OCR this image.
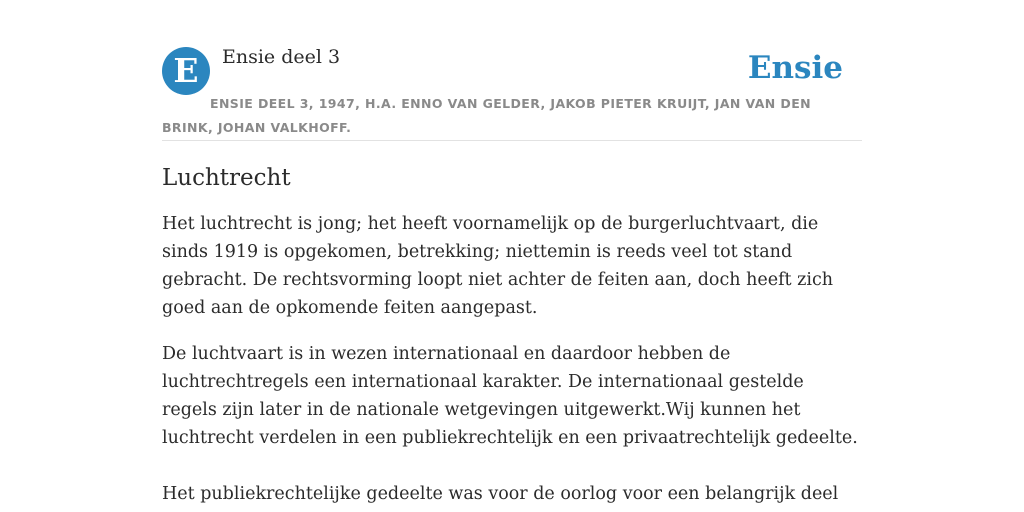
E	Ensie deel 3	Ensie
ENSIE DEEL 3, 1947, H.A. ENNO VAN GELDER, JAKOB PIETER KRUIJT, JAN VAN DEN BRINK, JOHAN VALKHOFF.
Luchtrecht

Het luchtrecht is jong; het heeft voornamelijk op de burgerluchtvaart, die sinds 1919 is opgekomen, betrekking; niettemin is reeds veel tot stand gebracht. De rechtsvorming loopt niet achter de feiten aan, doch heeft zich goed aan de opkomende feiten aangepast.

De luchtvaart is in wezen internationaal en daardoor hebben de luchtrechtregels een internationaal karakter. De internationaal gestelde regels zijn later in de nationale wetgevingen uitgewerkt.Wij kunnen het luchtrecht verdelen in een publiekrechtelijk en een privaatrechtelijk gedeelte.

Het publiekrechtelijke gedeelte was voor de oorlog voor een belangrijk deel
